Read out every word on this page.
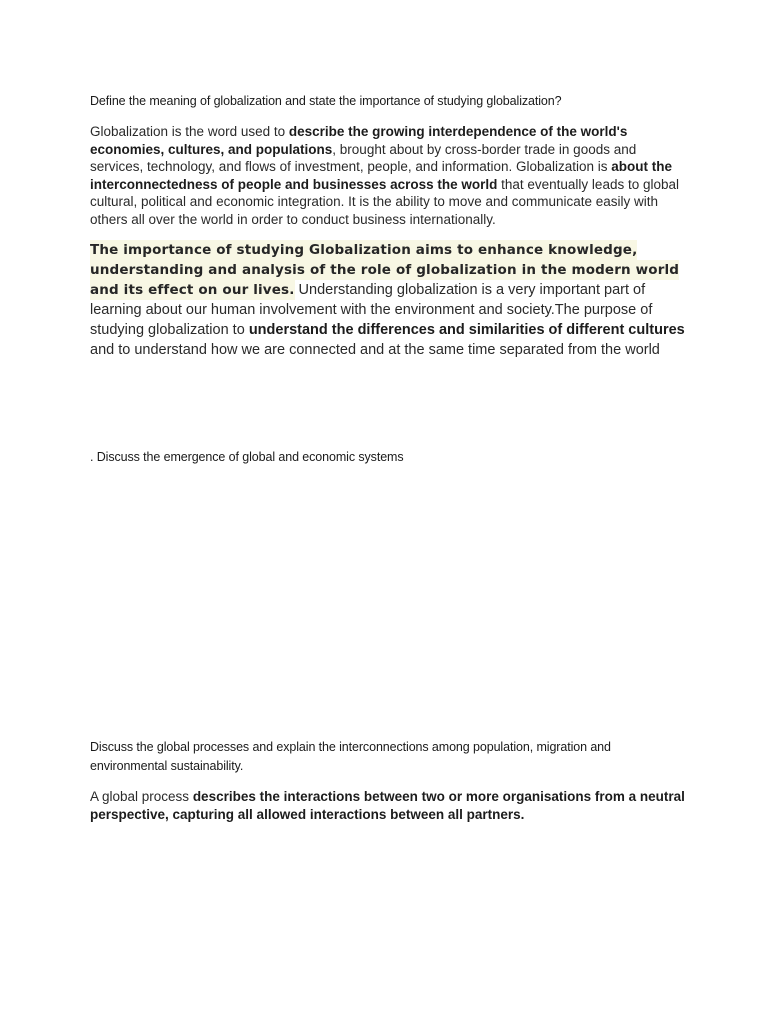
Define the meaning of globalization and state the importance of studying globalization?
Globalization is the word used to describe the growing interdependence of the world's economies, cultures, and populations, brought about by cross-border trade in goods and services, technology, and flows of investment, people, and information. Globalization is about the interconnectedness of people and businesses across the world that eventually leads to global cultural, political and economic integration. It is the ability to move and communicate easily with others all over the world in order to conduct business internationally.
The importance of studying Globalization aims to enhance knowledge, understanding and analysis of the role of globalization in the modern world and its effect on our lives. Understanding globalization is a very important part of learning about our human involvement with the environment and society.The purpose of studying globalization to understand the differences and similarities of different cultures and to understand how we are connected and at the same time separated from the world
. Discuss the emergence of global and economic systems
Discuss the global processes and explain the interconnections among population, migration and environmental sustainability.
A global process describes the interactions between two or more organisations from a neutral perspective, capturing all allowed interactions between all partners.
